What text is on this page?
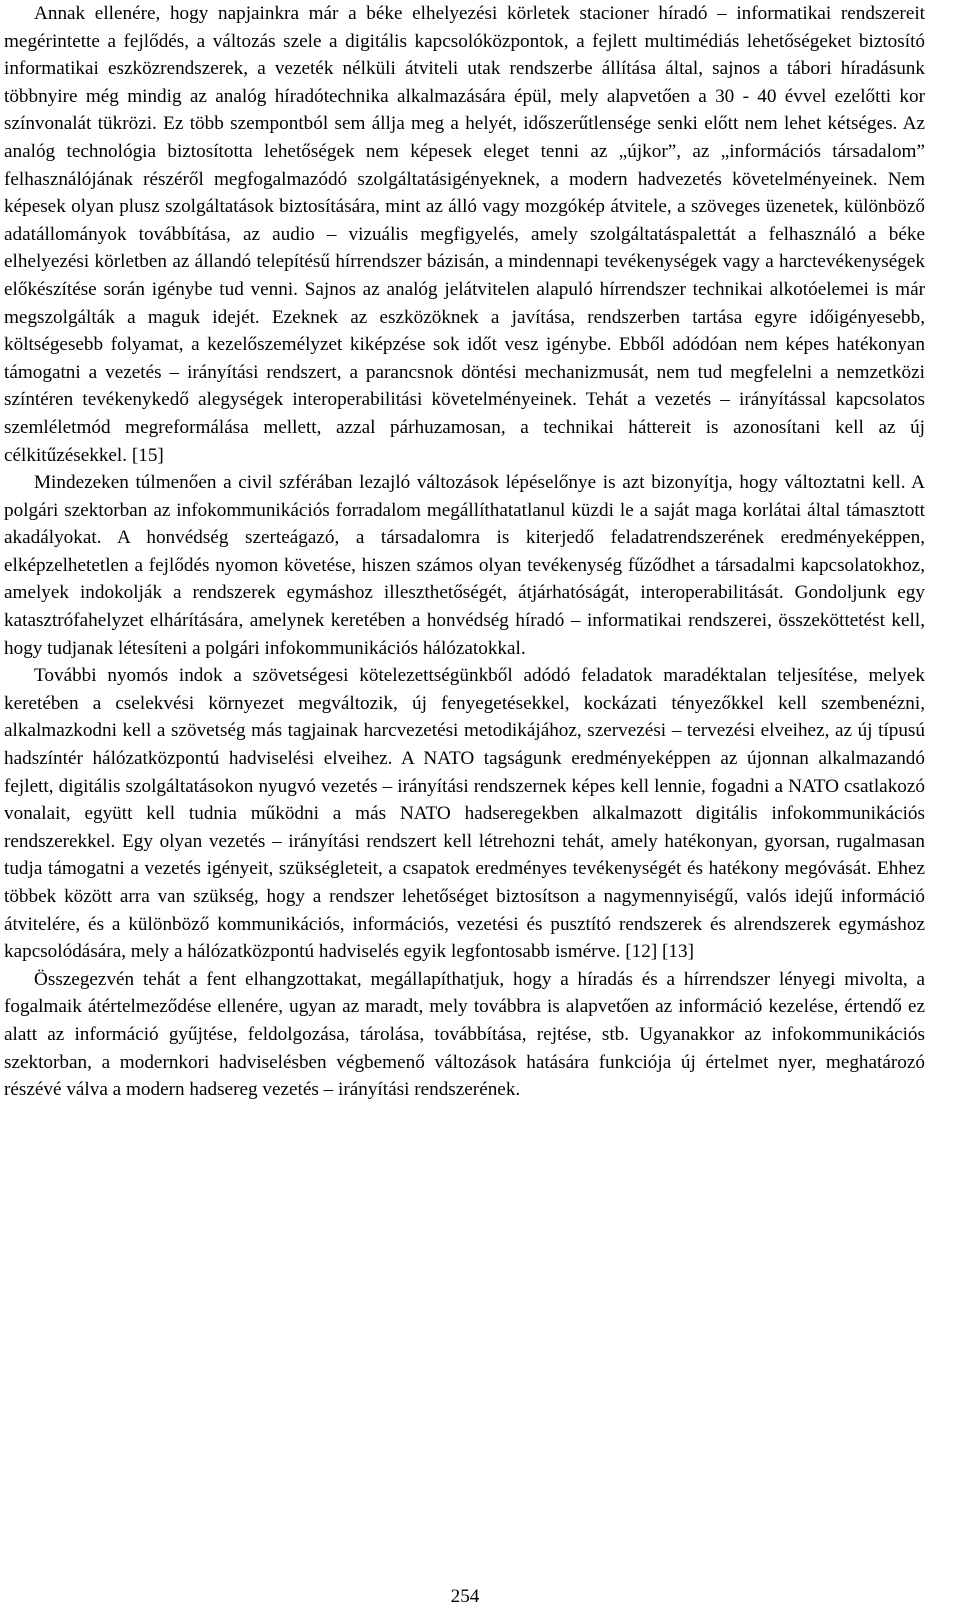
Annak ellenére, hogy napjainkra már a béke elhelyezési körletek stacioner híradó – informatikai rendszereit megérintette a fejlődés, a változás szele a digitális kapcsolóközpontok, a fejlett multimédiás lehetőségeket biztosító informatikai eszközrendszerek, a vezeték nélküli átviteli utak rendszerbe állítása által, sajnos a tábori híradásunk többnyire még mindig az analóg híradótechnika alkalmazására épül, mely alapvetően a 30 - 40 évvel ezelőtti kor színvonalát tükrözi. Ez több szempontból sem állja meg a helyét, időszerűtlensége senki előtt nem lehet kétséges. Az analóg technológia biztosította lehetőségek nem képesek eleget tenni az „újkor”, az „információs társadalom” felhasználójának részéről megfogalmazódó szolgáltatásigényeknek, a modern hadvezetés követelményeinek. Nem képesek olyan plusz szolgáltatások biztosítására, mint az álló vagy mozgókép átvitele, a szöveges üzenetek, különböző adatállományok továbbítása, az audio – vizuális megfigyelés, amely szolgáltatáspalettát a felhasználó a béke elhelyezési körletben az állandó telepítésű hírrendszer bázisán, a mindennapi tevékenységek vagy a harctevékenységek előkészítése során igénybe tud venni. Sajnos az analóg jelátvitelen alapuló hírrendszer technikai alkotóelemei is már megszolgálták a maguk idejét. Ezeknek az eszközöknek a javítása, rendszerben tartása egyre időigényesebb, költségesebb folyamat, a kezelőszemélyzet kiképzése sok időt vesz igénybe. Ebből adódóan nem képes hatékonyan támogatni a vezetés – irányítási rendszert, a parancsnok döntési mechanizmusát, nem tud megfelelni a nemzetközi színtéren tevékenykedő alegységek interoperabilitási követelményeinek. Tehát a vezetés – irányítással kapcsolatos szemléletmód megreformálása mellett, azzal párhuzamosan, a technikai háttereit is azonosítani kell az új célkitűzésekkel. [15]

Mindezeken túlmenően a civil szférában lezajló változások lépéselőnye is azt bizonyítja, hogy változtatni kell. A polgári szektorban az infokommunikációs forradalom megállíthatatlanul küzdi le a saját maga korlátai által támasztott akadályokat. A honvédség szerteágazó, a társadalomra is kiterjedő feladatrendszerének eredményeképpen, elképzelhetetlen a fejlődés nyomon követése, hiszen számos olyan tevékenység fűződhet a társadalmi kapcsolatokhoz, amelyek indokolják a rendszerek egymáshoz illeszthetőségét, átjárhatóságát, interoperabilitását. Gondoljunk egy katasztrófahelyzet elhárítására, amelynek keretében a honvédség híradó – informatikai rendszerei, összeköttetést kell, hogy tudjanak létesíteni a polgári infokommunikációs hálózatokkal.

További nyomós indok a szövetségesi kötelezettségünkből adódó feladatok maradéktalan teljesítése, melyek keretében a cselekvési környezet megváltozik, új fenyegetésekkel, kockázati tényezőkkel kell szembenézni, alkalmazkodni kell a szövetség más tagjainak harcvezetési metodikájához, szervezési – tervezési elveihez, az új típusú hadszíntér hálózatközpontú hadviselési elveihez. A NATO tagságunk eredményeképpen az újonnan alkalmazandó fejlett, digitális szolgáltatásokon nyugvó vezetés – irányítási rendszernek képes kell lennie, fogadni a NATO csatlakozó vonalait, együtt kell tudnia működni a más NATO hadseregekben alkalmazott digitális infokommunikációs rendszerekkel. Egy olyan vezetés – irányítási rendszert kell létrehozni tehát, amely hatékonyan, gyorsan, rugalmasan tudja támogatni a vezetés igényeit, szükségleteit, a csapatok eredményes tevékenységét és hatékony megóvását. Ehhez többek között arra van szükség, hogy a rendszer lehetőséget biztosítson a nagymennyiségű, valós idejű információ átvitelére, és a különböző kommunikációs, információs, vezetési és pusztító rendszerek és alrendszerek egymáshoz kapcsolódására, mely a hálózatközpontú hadviselés egyik legfontosabb ismérve. [12] [13]

Összegezvén tehát a fent elhangzottakat, megállapíthatjuk, hogy a híradás és a hírrendszer lényegi mivolta, a fogalmaik átértelmeződése ellenére, ugyan az maradt, mely továbbra is alapvetően az információ kezelése, értendő ez alatt az információ gyűjtése, feldolgozása, tárolása, továbbítása, rejtése, stb. Ugyanakkor az infokommunikációs szektorban, a modernkori hadviselésben végbemenő változások hatására funkciója új értelmet nyer, meghatározó részévé válva a modern hadsereg vezetés – irányítási rendszerének.

254
